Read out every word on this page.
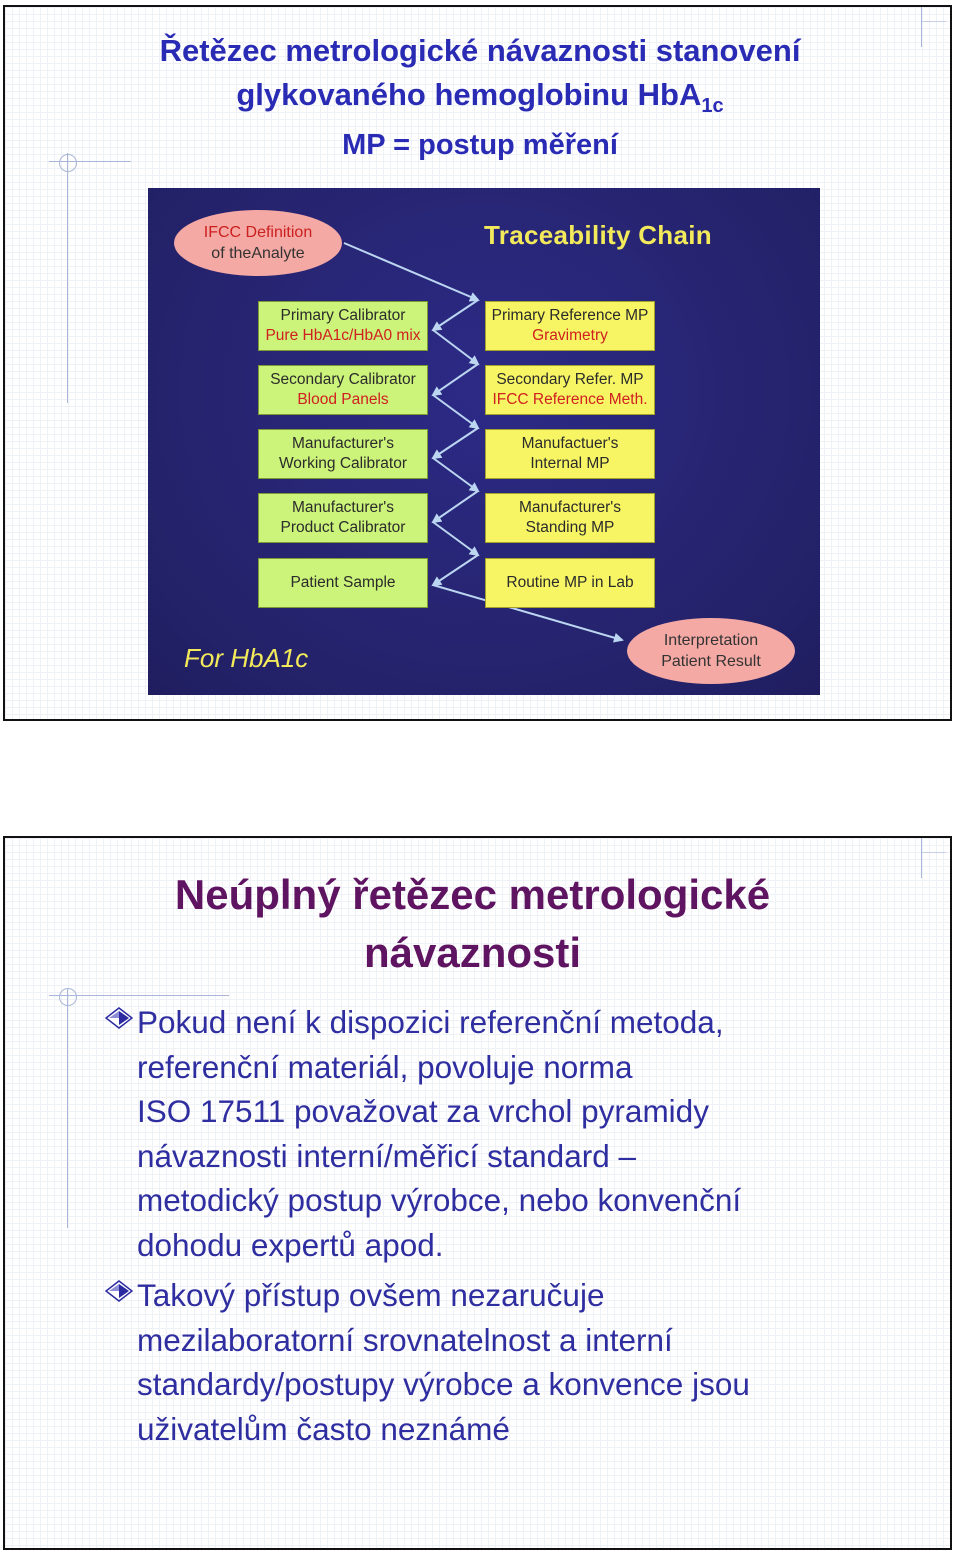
Řetězec metrologické návaznosti stanovení
glykovaného hemoglobinu HbA$_{1c}$
MP = postup měření
Traceability Chain
IFCC Definition
of theAnalyte
Primary Calibrator
Pure HbA1c/HbA0 mix
Secondary Calibrator
Blood Panels
Manufacturer's
Working Calibrator
Manufacturer's
Product Calibrator
Patient Sample
Primary Reference MP
Gravimetry
Secondary Refer. MP
IFCC Reference Meth.
Manufactuer's
Internal MP
Manufacturer's
Standing MP
Routine MP in Lab
Interpretation
Patient Result
For HbA1c
Neúplný řetězec metrologické
návaznosti
Pokud není k dispozici referenční metoda,
referenční materiál, povoluje norma
ISO 17511 považovat za vrchol pyramidy
návaznosti interní/měřicí standard –
metodický postup výrobce, nebo konvenční
dohodu expertů apod.
Takový přístup ovšem nezaručuje
mezilaboratorní srovnatelnost a interní
standardy/postupy výrobce a konvence jsou
uživatelům často neznámé
